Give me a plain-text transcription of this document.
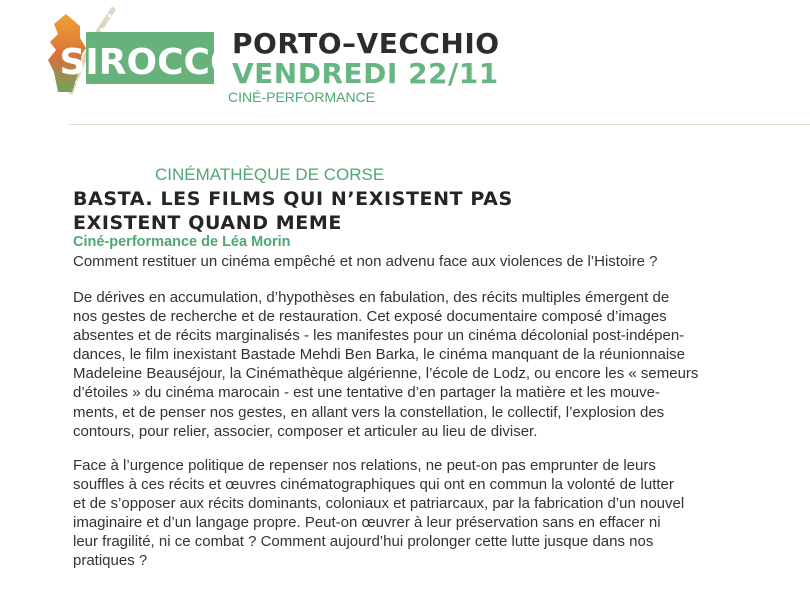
SIROCCO
PORTO–VECCHIO
VENDREDI 22/11
CINÉ-PERFORMANCE
CINÉMATHÈQUE DE CORSE
BASTA. LES FILMS QUI N’EXISTENT PAS
EXISTENT QUAND MEME
Ciné-performance de Léa Morin
Comment restituer un cinéma empêché et non advenu face aux violences de l’Histoire ?
De dérives en accumulation, d’hypothèses en fabulation, des récits multiples émergent de
nos gestes de recherche et de restauration. Cet exposé documentaire composé d’images
absentes et de récits marginalisés - les manifestes pour un cinéma décolonial post-indépen-
dances, le film inexistant Bastade Mehdi Ben Barka, le cinéma manquant de la réunionnaise
Madeleine Beauséjour, la Cinémathèque algérienne, l’école de Lodz, ou encore les « semeurs
d’étoiles » du cinéma marocain - est une tentative d’en partager la matière et les mouve-
ments, et de penser nos gestes, en allant vers la constellation, le collectif, l’explosion des
contours, pour relier, associer, composer et articuler au lieu de diviser.
Face à l’urgence politique de repenser nos relations, ne peut-on pas emprunter de leurs
souffles à ces récits et œuvres cinématographiques qui ont en commun la volonté de lutter
et de s’opposer aux récits dominants, coloniaux et patriarcaux, par la fabrication d’un nouvel
imaginaire et d’un langage propre. Peut-on œuvrer à leur préservation sans en effacer ni
leur fragilité, ni ce combat ? Comment aujourd’hui prolonger cette lutte jusque dans nos
pratiques ?
